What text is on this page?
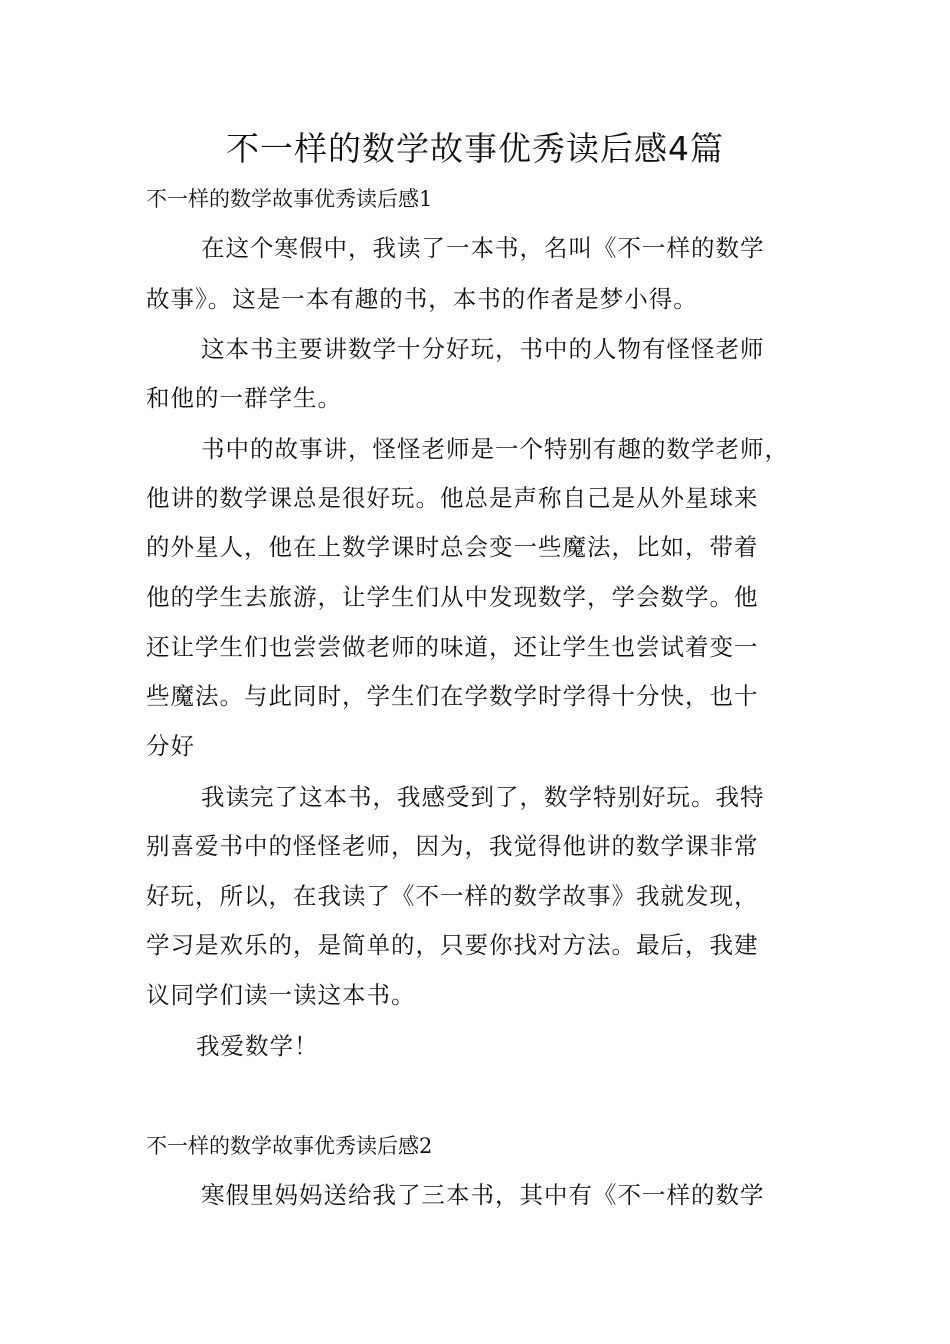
不一样的数学故事优秀读后感4篇
不一样的数学故事优秀读后感1
在这个寒假中，我读了一本书，名叫《不一样的数学
故事》。这是一本有趣的书，本书的作者是梦小得。
这本书主要讲数学十分好玩，书中的人物有怪怪老师
和他的一群学生。
书中的故事讲，怪怪老师是一个特别有趣的数学老师，
他讲的数学课总是很好玩。他总是声称自己是从外星球来
的外星人，他在上数学课时总会变一些魔法，比如，带着
他的学生去旅游，让学生们从中发现数学，学会数学。他
还让学生们也尝尝做老师的味道，还让学生也尝试着变一
些魔法。与此同时，学生们在学数学时学得十分快，也十
分好
我读完了这本书，我感受到了，数学特别好玩。我特
别喜爱书中的怪怪老师，因为，我觉得他讲的数学课非常
好玩，所以，在我读了《不一样的数学故事》我就发现，
学习是欢乐的，是简单的，只要你找对方法。最后，我建
议同学们读一读这本书。
我爱数学！
不一样的数学故事优秀读后感2
寒假里妈妈送给我了三本书，其中有《不一样的数学
